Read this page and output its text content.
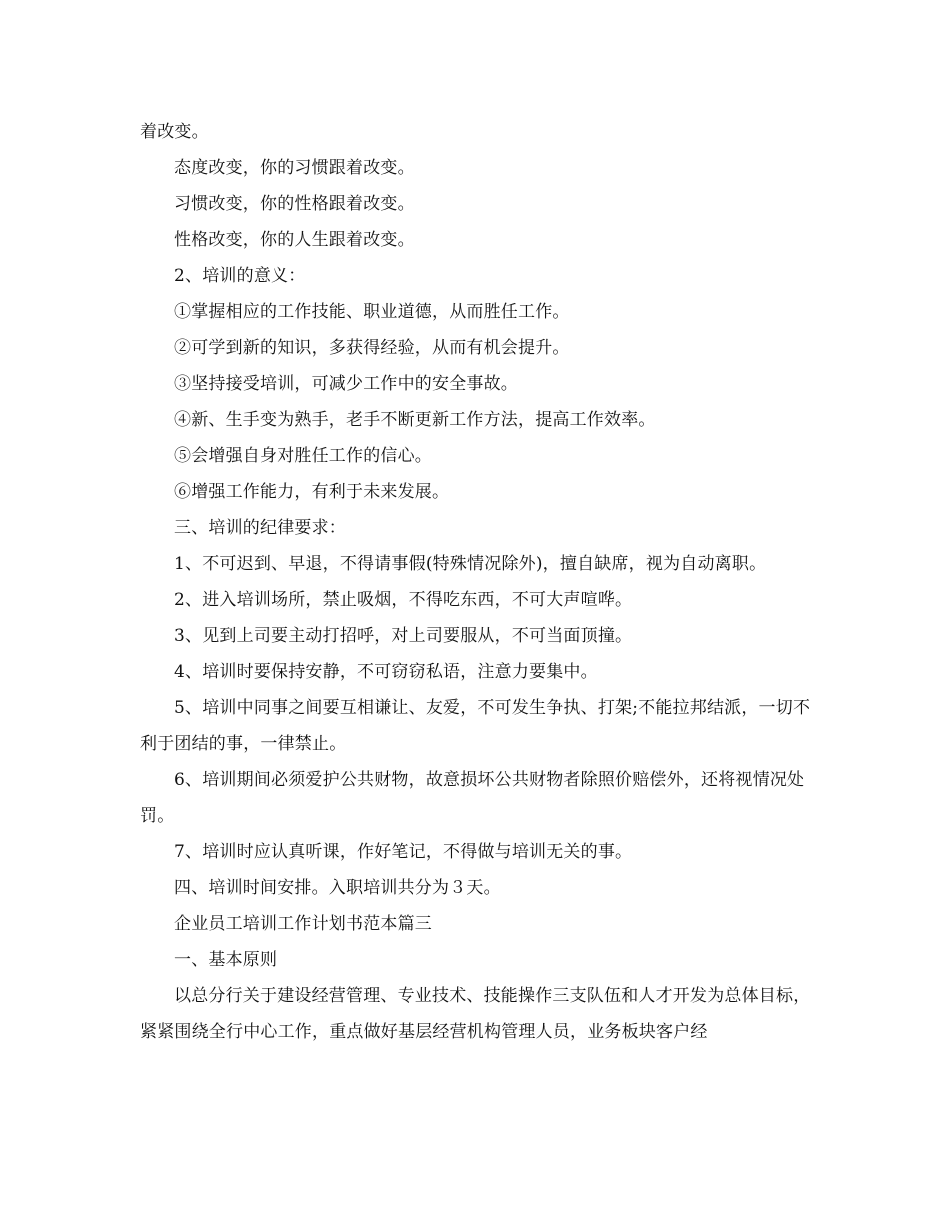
着改变。

态度改变，你的习惯跟着改变。

习惯改变，你的性格跟着改变。

性格改变，你的人生跟着改变。

2、培训的意义：

①掌握相应的工作技能、职业道德，从而胜任工作。

②可学到新的知识，多获得经验，从而有机会提升。

③坚持接受培训，可减少工作中的安全事故。

④新、生手变为熟手，老手不断更新工作方法，提高工作效率。

⑤会增强自身对胜任工作的信心。

⑥增强工作能力，有利于未来发展。

三、培训的纪律要求：

1、不可迟到、早退，不得请事假(特殊情况除外)，擅自缺席，视为自动离职。

2、进入培训场所，禁止吸烟，不得吃东西，不可大声喧哗。

3、见到上司要主动打招呼，对上司要服从，不可当面顶撞。

4、培训时要保持安静，不可窃窃私语，注意力要集中。

5、培训中同事之间要互相谦让、友爱，不可发生争执、打架;不能拉邦结派，一切不利于团结的事，一律禁止。

6、培训期间必须爱护公共财物，故意损坏公共财物者除照价赔偿外，还将视情况处罚。

7、培训时应认真听课，作好笔记，不得做与培训无关的事。

四、培训时间安排。入职培训共分为３天。

企业员工培训工作计划书范本篇三

一、基本原则

以总分行关于建设经营管理、专业技术、技能操作三支队伍和人才开发为总体目标，紧紧围绕全行中心工作，重点做好基层经营机构管理人员，业务板块客户经
